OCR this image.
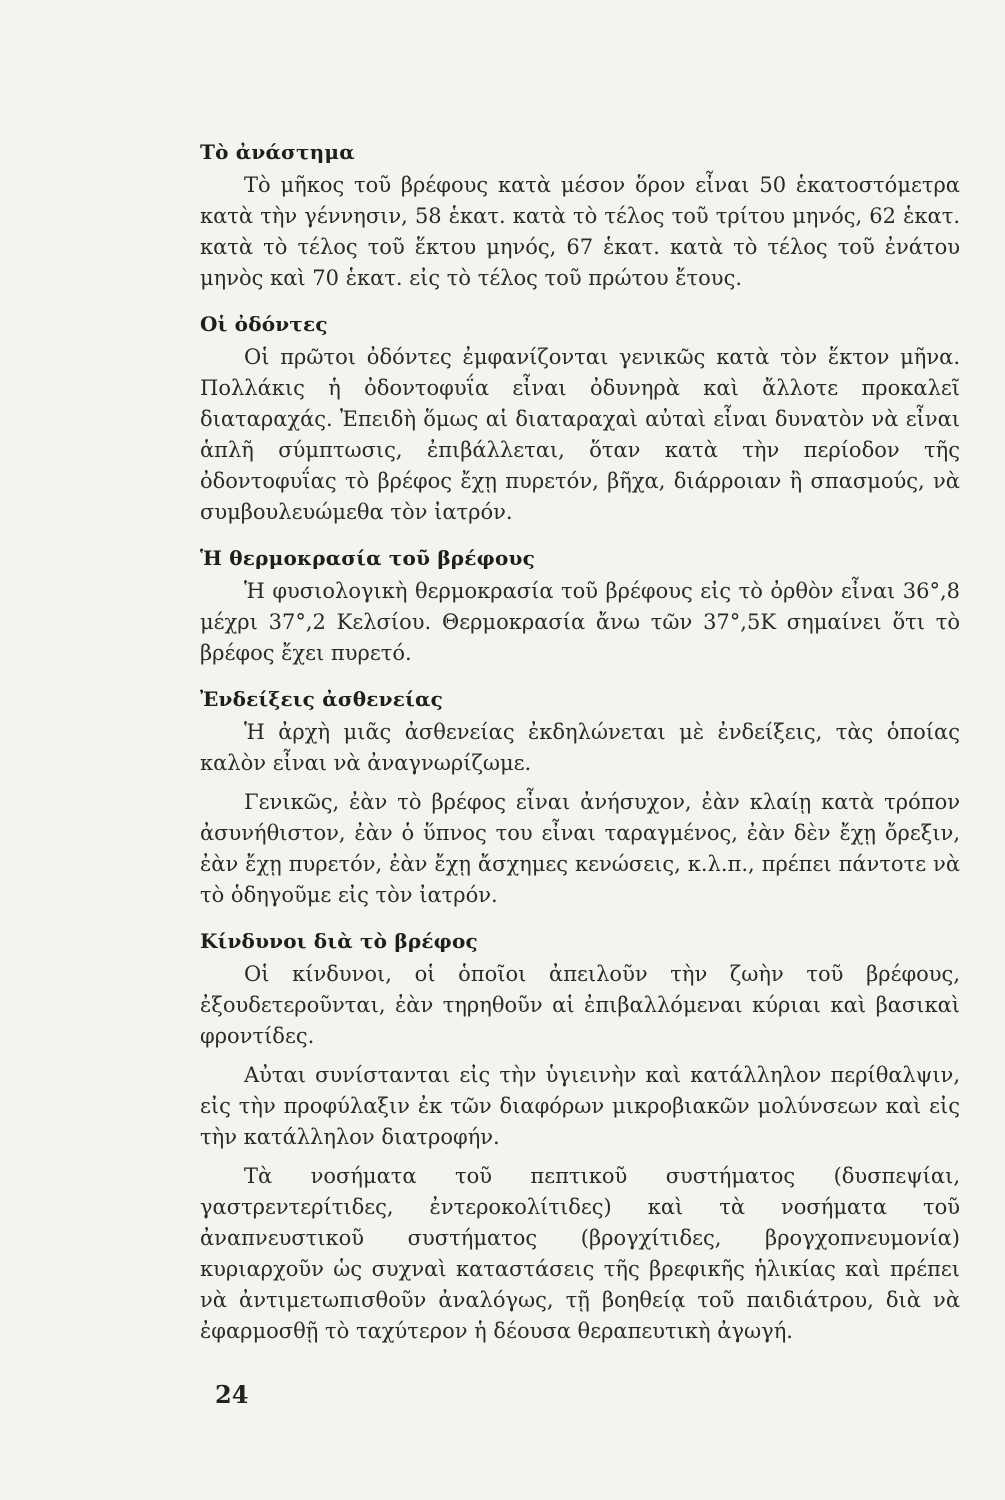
Τὸ ἀνάστημα

Τὸ μῆκος τοῦ βρέφους κατὰ μέσον ὅρον εἶναι 50 ἑκατοστόμετρα κατὰ τὴν γέννησιν, 58 ἑκατ. κατὰ τὸ τέλος τοῦ τρίτου μηνός, 62 ἑκατ. κατὰ τὸ τέλος τοῦ ἕκτου μηνός, 67 ἑκατ. κατὰ τὸ τέλος τοῦ ἐνάτου μηνὸς καὶ 70 ἑκατ. εἰς τὸ τέλος τοῦ πρώτου ἔτους.

Οἱ ὀδόντες

Οἱ πρῶτοι ὀδόντες ἐμφανίζονται γενικῶς κατὰ τὸν ἕκτον μῆνα. Πολλάκις ἡ ὀδοντοφυΐα εἶναι ὀδυνηρὰ καὶ ἄλλοτε προκαλεῖ διαταραχάς. Ἐπειδὴ ὅμως αἱ διαταραχαὶ αὐταὶ εἶναι δυνατὸν νὰ εἶναι ἁπλῆ σύμπτωσις, ἐπιβάλλεται, ὅταν κατὰ τὴν περίοδον τῆς ὀδοντοφυΐας τὸ βρέφος ἔχῃ πυρετόν, βῆχα, διάρροιαν ἢ σπασμούς, νὰ συμβουλευώμεθα τὸν ἰατρόν.

Ἡ θερμοκρασία τοῦ βρέφους

Ἡ φυσιολογικὴ θερμοκρασία τοῦ βρέφους εἰς τὸ ὀρθὸν εἶναι 36°,8 μέχρι 37°,2 Κελσίου. Θερμοκρασία ἄνω τῶν 37°,5Κ σημαίνει ὅτι τὸ βρέφος ἔχει πυρετό.

Ἐνδείξεις ἀσθενείας

Ἡ ἀρχὴ μιᾶς ἀσθενείας ἐκδηλώνεται μὲ ἐνδείξεις, τὰς ὁποίας καλὸν εἶναι νὰ ἀναγνωρίζωμε.

Γενικῶς, ἐὰν τὸ βρέφος εἶναι ἀνήσυχον, ἐὰν κλαίῃ κατὰ τρόπον ἀσυνήθιστον, ἐὰν ὁ ὕπνος του εἶναι ταραγμένος, ἐὰν δὲν ἔχῃ ὄρεξιν, ἐὰν ἔχῃ πυρετόν, ἐὰν ἔχῃ ἄσχημες κενώσεις, κ.λ.π., πρέπει πάντοτε νὰ τὸ ὁδηγοῦμε εἰς τὸν ἰατρόν.

Κίνδυνοι διὰ τὸ βρέφος

Οἱ κίνδυνοι, οἱ ὁποῖοι ἀπειλοῦν τὴν ζωὴν τοῦ βρέφους, ἐξουδετεροῦνται, ἐὰν τηρηθοῦν αἱ ἐπιβαλλόμεναι κύριαι καὶ βασικαὶ φροντίδες.

Αὐται συνίστανται εἰς τὴν ὑγιεινὴν καὶ κατάλληλον περίθαλψιν, εἰς τὴν προφύλαξιν ἐκ τῶν διαφόρων μικροβιακῶν μολύνσεων καὶ εἰς τὴν κατάλληλον διατροφήν.

Τὰ νοσήματα τοῦ πεπτικοῦ συστήματος (δυσπεψίαι, γαστρεντερίτιδες, ἐντεροκολίτιδες) καὶ τὰ νοσήματα τοῦ ἀναπνευστικοῦ συστήματος (βρογχίτιδες, βρογχοπνευμονία) κυριαρχοῦν ὡς συχναὶ καταστάσεις τῆς βρεφικῆς ἡλικίας καὶ πρέπει νὰ ἀντιμετωπισθοῦν ἀναλόγως, τῇ βοηθείᾳ τοῦ παιδιάτρου, διὰ νὰ ἐφαρμοσθῇ τὸ ταχύτερον ἡ δέουσα θεραπευτικὴ ἀγωγή.

24
